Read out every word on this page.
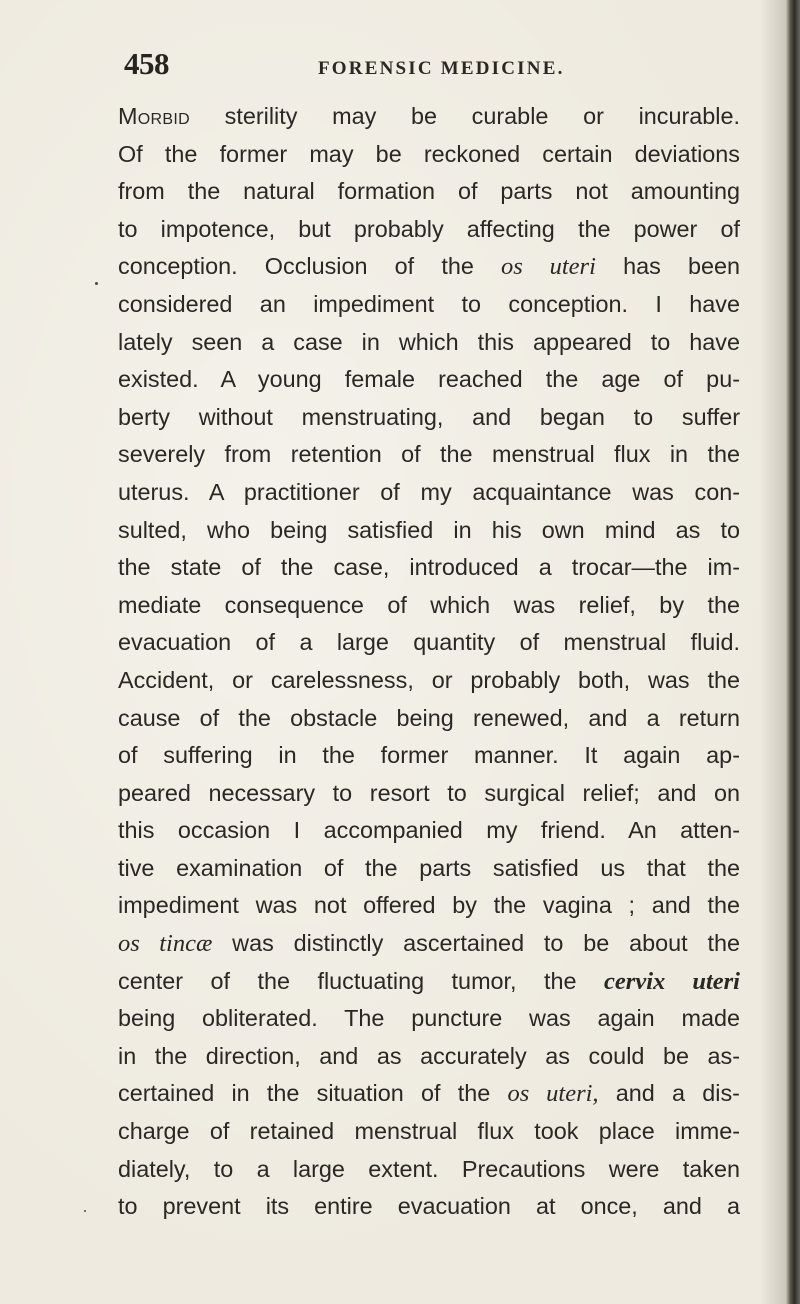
458	FORENSIC MEDICINE.
Morbid sterility may be curable or incurable.
Of the former may be reckoned certain deviations
from the natural formation of parts not amounting
to impotence, but probably affecting the power of
conception. Occlusion of the os uteri has been
considered an impediment to conception. I have
lately seen a case in which this appeared to have
existed. A young female reached the age of pu-
berty without menstruating, and began to suffer
severely from retention of the menstrual flux in the
uterus. A practitioner of my acquaintance was con-
sulted, who being satisfied in his own mind as to
the state of the case, introduced a trocar—the im-
mediate consequence of which was relief, by the
evacuation of a large quantity of menstrual fluid.
Accident, or carelessness, or probably both, was the
cause of the obstacle being renewed, and a return
of suffering in the former manner. It again ap-
peared necessary to resort to surgical relief; and on
this occasion I accompanied my friend. An atten-
tive examination of the parts satisfied us that the
impediment was not offered by the vagina ; and the
os tincæ was distinctly ascertained to be about the
center of the fluctuating tumor, the cervix uteri
being obliterated. The puncture was again made
in the direction, and as accurately as could be as-
certained in the situation of the os uteri, and a dis-
charge of retained menstrual flux took place imme-
diately, to a large extent. Precautions were taken
to prevent its entire evacuation at once, and a
